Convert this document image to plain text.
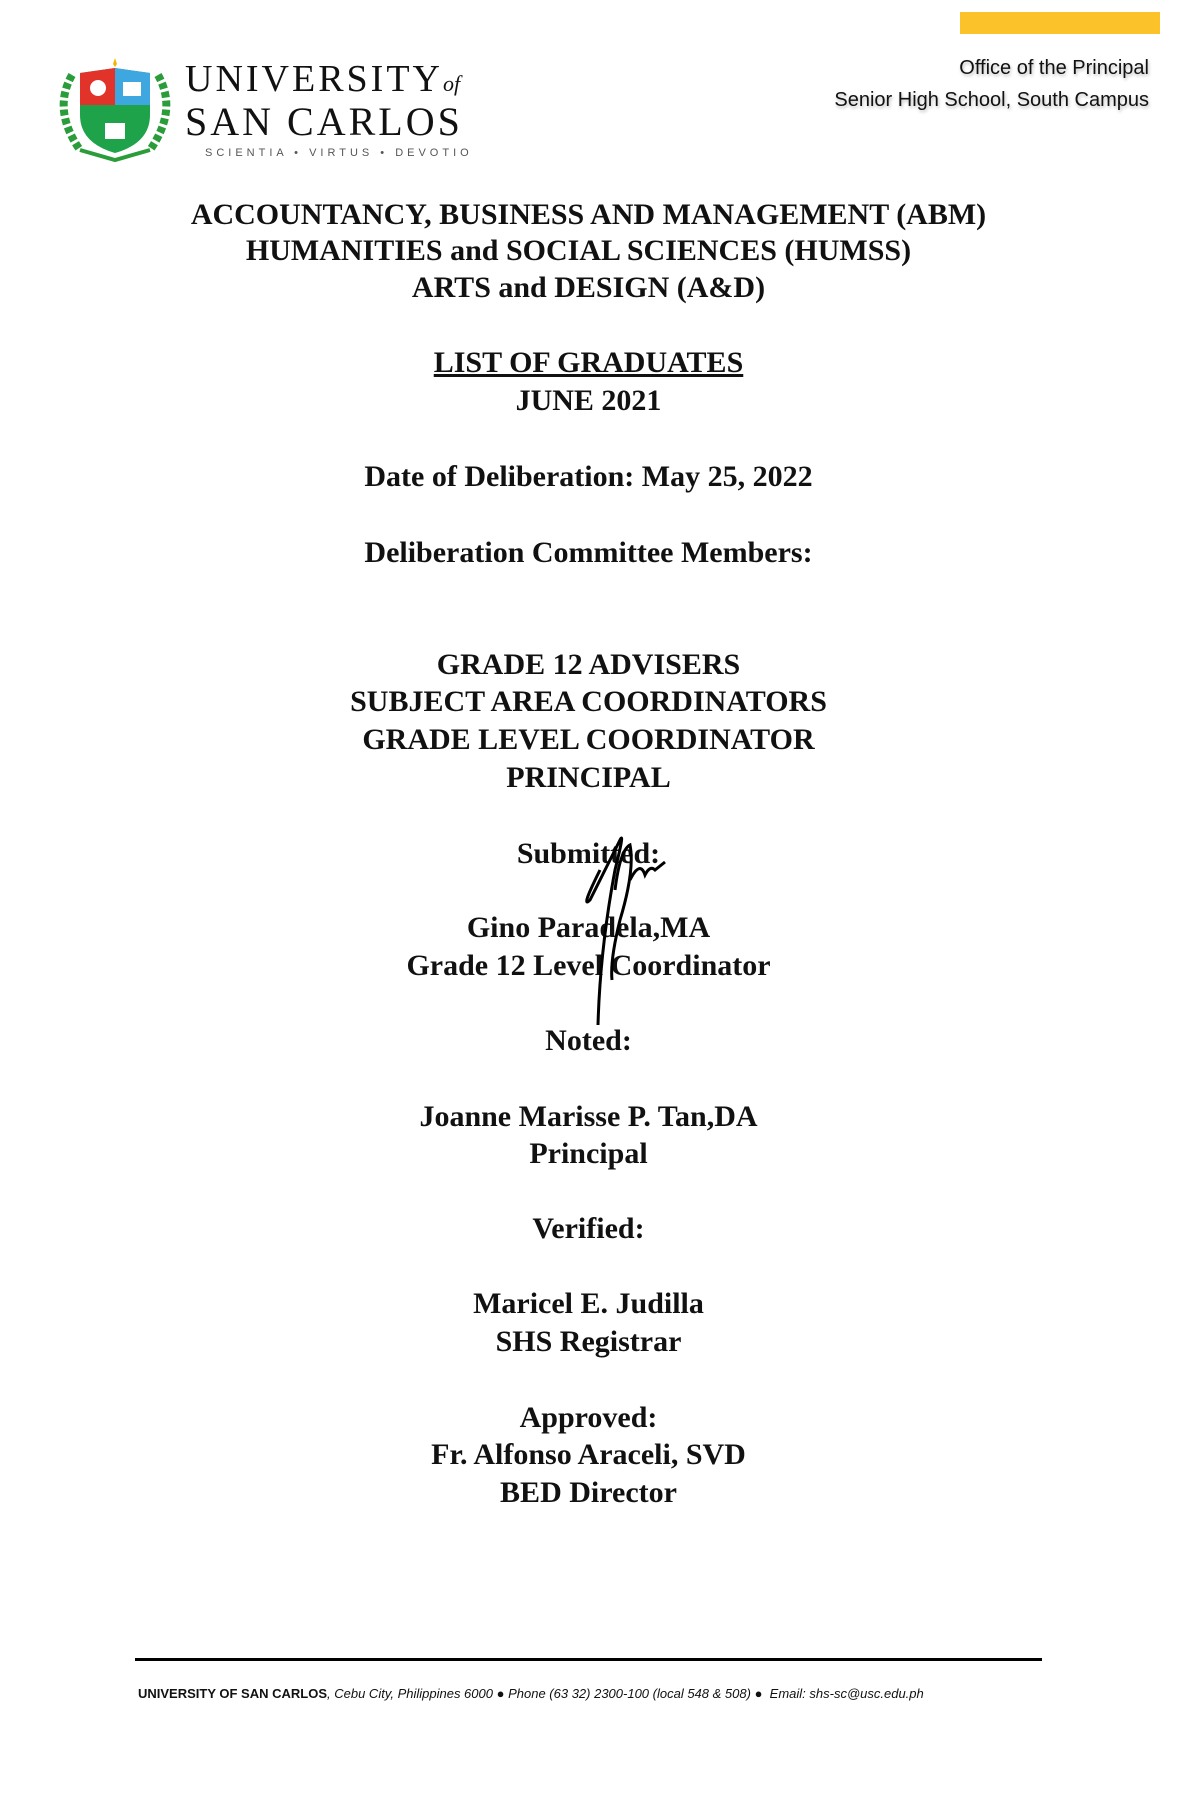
UNIVERSITYof
SAN CARLOS
SCIENTIA • VIRTUS • DEVOTIO
Office of the Principal
Senior High School, South Campus
ACCOUNTANCY, BUSINESS AND MANAGEMENT (ABM)
HUMANITIES and SOCIAL SCIENCES (HUMSS)
ARTS and DESIGN (A&D)
LIST OF GRADUATES
JUNE 2021
Date of Deliberation: May 25, 2022
Deliberation Committee Members:
GRADE 12 ADVISERS
SUBJECT AREA COORDINATORS
GRADE LEVEL COORDINATOR
PRINCIPAL
Submitted:
Gino Paradela,MA
Grade 12 Level Coordinator
Noted:
Joanne Marisse P. Tan,DA
Principal
Verified:
Maricel E. Judilla
SHS Registrar
Approved:
Fr. Alfonso Araceli, SVD
BED Director
UNIVERSITY OF SAN CARLOS, Cebu City, Philippines 6000 ● Phone (63 32) 2300-100 (local 548 & 508) ● Email: shs-sc@usc.edu.ph
